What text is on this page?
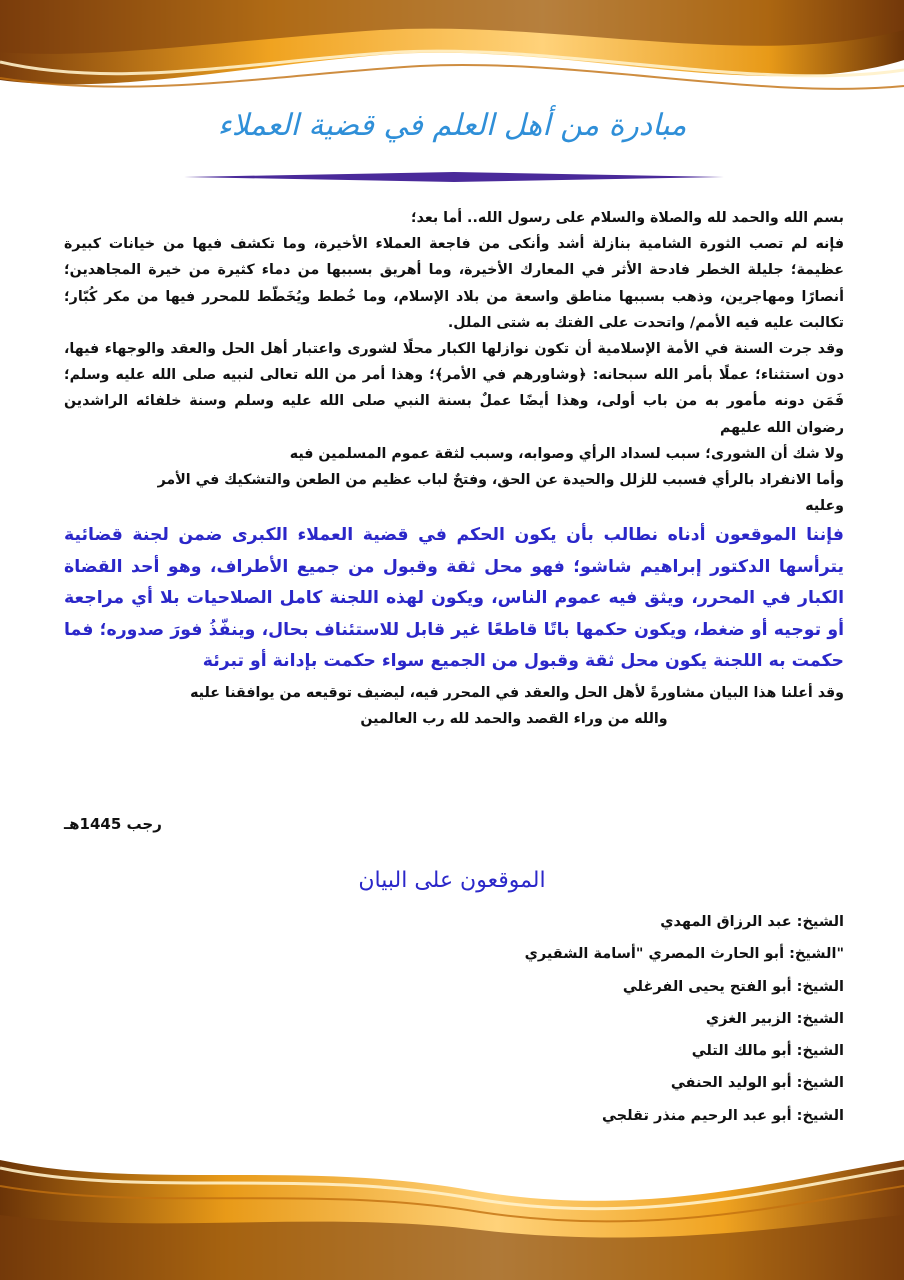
مبادرة من أهل العلم في قضية العملاء

بسم الله والحمد لله والصلاة والسلام على رسول الله.. أما بعد؛

فإنه لم تصب الثورة الشامية بنازلة أشد وأنكى من فاجعة العملاء الأخيرة، وما تكشف فيها من خيانات كبيرة عظيمة؛ جليلة الخطر فادحة الأثر في المعارك الأخيرة، وما أهريق بسببها من دماء كثيرة من خيرة المجاهدين؛ أنصارًا ومهاجرين، وذهب بسببها مناطق واسعة من بلاد الإسلام، وما خُطط ويُخَطّط للمحرر فيها من مكر كُبّار؛ تكالبت عليه فيه الأمم/ واتحدت على الفتك به شتى الملل.

وقد جرت السنة في الأمة الإسلامية أن تكون نوازلها الكبار محلًا لشورى واعتبار أهل الحل والعقد والوجهاء فيها، دون استثناء؛ عملًا بأمر الله سبحانه: ﴿وشاورهم في الأمر﴾؛ وهذا أمر من الله تعالى لنبيه صلى الله عليه وسلم؛ فَمَن دونه مأمور به من باب أولى، وهذا أيضًا عملٌ بسنة النبي صلى الله عليه وسلم وسنة خلفائه الراشدين رضوان الله عليهم

ولا شك أن الشورى؛ سبب لسداد الرأي وصوابه، وسبب لثقة عموم المسلمين فيه

وأما الانفراد بالرأي فسبب للزلل والحيدة عن الحق، وفتحٌ لباب عظيم من الطعن والتشكيك في الأمر

وعليه

فإننا الموقعون أدناه نطالب بأن يكون الحكم في قضية العملاء الكبرى ضمن لجنة قضائية يترأسها الدكتور إبراهيم شاشو؛ فهو محل ثقة وقبول من جميع الأطراف، وهو أحد القضاة الكبار في المحرر، ويثق فيه عموم الناس، ويكون لهذه اللجنة كامل الصلاحيات بلا أي مراجعة أو توجيه أو ضغط، ويكون حكمها باتًا قاطعًا غير قابل للاستئناف بحال، وينفّذُ فورَ صدوره؛ فما حكمت به اللجنة يكون محل ثقة وقبول من الجميع سواء حكمت بإدانة أو تبرئة

وقد أعلنا هذا البيان مشاورةً لأهل الحل والعقد في المحرر فيه، ليضيف توقيعه من يوافقنا عليه

والله من وراء القصد والحمد لله رب العالمين

رجب 1445هـ
الموقعون على البيان
الشيخ: عبد الرزاق المهدي
"الشيخ: أبو الحارث المصري "أسامة الشقيري
الشيخ: أبو الفتح يحيى الفرغلي
الشيخ: الزبير الغزي
الشيخ: أبو مالك التلي
الشيخ: أبو الوليد الحنفي
الشيخ: أبو عبد الرحيم منذر تقلجي
